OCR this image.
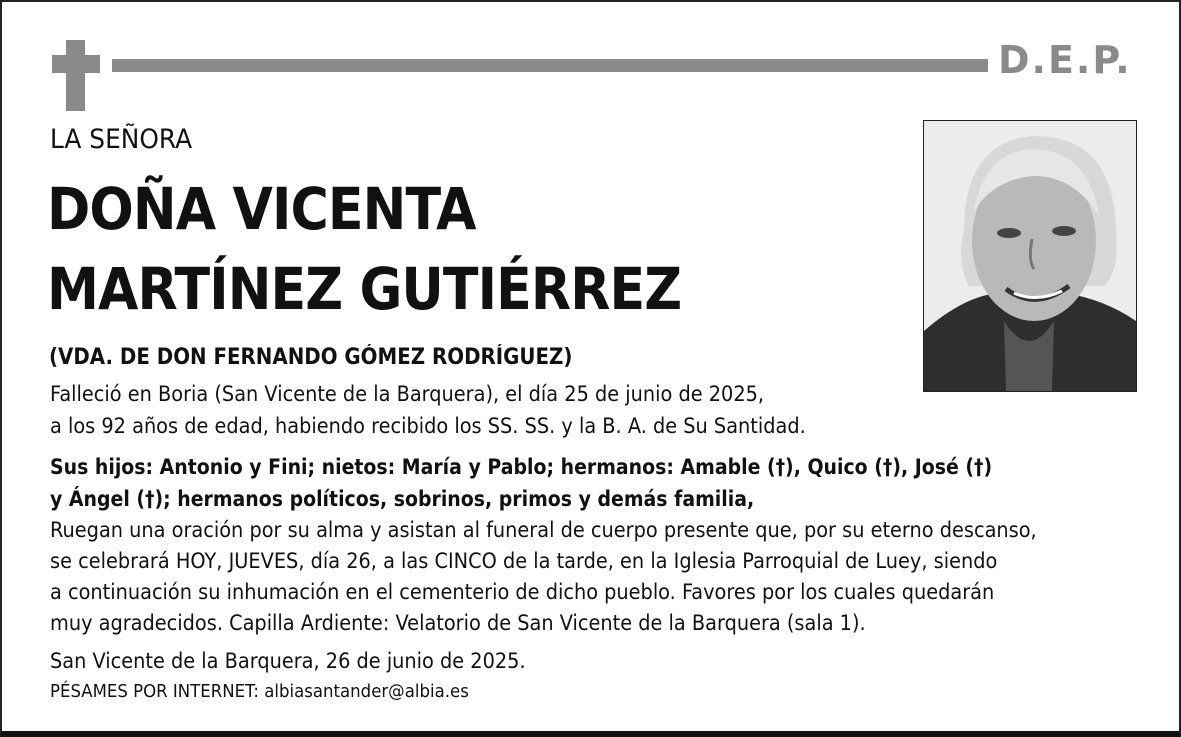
D.E.P.
LA SEÑORA
DOÑA VICENTA
MARTÍNEZ GUTIÉRREZ
(VDA. DE DON FERNANDO GÓMEZ RODRÍGUEZ)
Falleció en Boria (San Vicente de la Barquera), el día 25 de junio de 2025,
a los 92 años de edad, habiendo recibido los SS. SS. y la B. A. de Su Santidad.
Sus hijos: Antonio y Fini; nietos: María y Pablo; hermanos: Amable (†), Quico (†), José (†)
y Ángel (†); hermanos políticos, sobrinos, primos y demás familia,
Ruegan una oración por su alma y asistan al funeral de cuerpo presente que, por su eterno descanso,
se celebrará HOY, JUEVES, día 26, a las CINCO de la tarde, en la Iglesia Parroquial de Luey, siendo
a continuación su inhumación en el cementerio de dicho pueblo. Favores por los cuales quedarán
muy agradecidos. Capilla Ardiente: Velatorio de San Vicente de la Barquera (sala 1).
San Vicente de la Barquera, 26 de junio de 2025.
PÉSAMES POR INTERNET: albiasantander@albia.es
